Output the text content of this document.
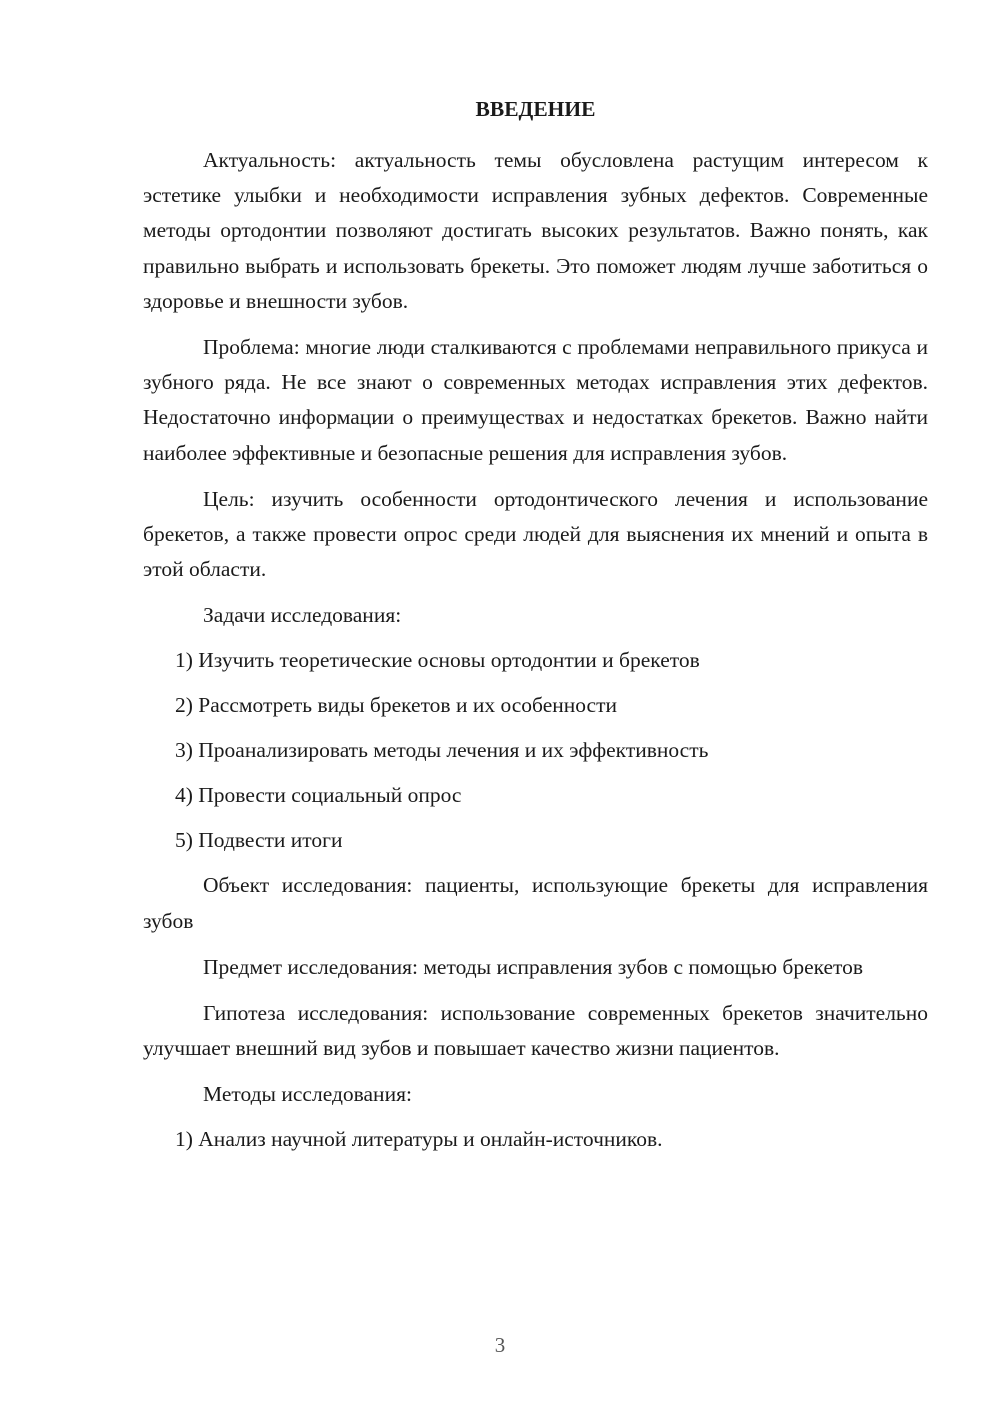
ВВЕДЕНИЕ

Актуальность: актуальность темы обусловлена растущим интересом к эстетике улыбки и необходимости исправления зубных дефектов. Современные методы ортодонтии позволяют достигать высоких результатов. Важно понять, как правильно выбрать и использовать брекеты. Это поможет людям лучше заботиться о здоровье и внешности зубов.

Проблема: многие люди сталкиваются с проблемами неправильного прикуса и зубного ряда. Не все знают о современных методах исправления этих дефектов. Недостаточно информации о преимуществах и недостатках брекетов. Важно найти наиболее эффективные и безопасные решения для исправления зубов.

Цель: изучить особенности ортодонтического лечения и использование брекетов, а также провести опрос среди людей для выяснения их мнений и опыта в этой области.

Задачи исследования:

1) Изучить теоретические основы ортодонтии и брекетов
2) Рассмотреть виды брекетов и их особенности
3) Проанализировать методы лечения и их эффективность
4) Провести социальный опрос
5) Подвести итоги

Объект исследования: пациенты, использующие брекеты для исправления зубов

Предмет исследования: методы исправления зубов с помощью брекетов

Гипотеза исследования: использование современных брекетов значительно улучшает внешний вид зубов и повышает качество жизни пациентов.

Методы исследования:

1) Анализ научной литературы и онлайн-источников.
3
